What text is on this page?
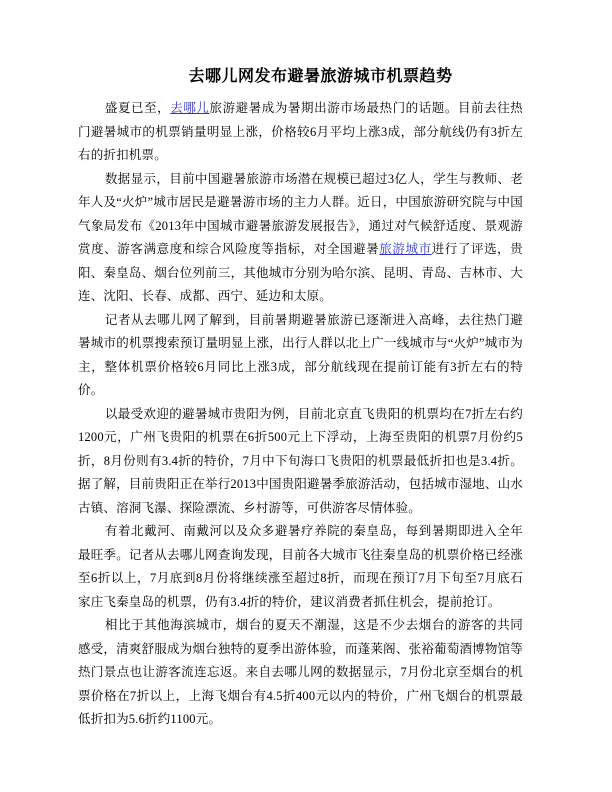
去哪儿网发布避暑旅游城市机票趋势

盛夏已至，去哪儿旅游避暑成为暑期出游市场最热门的话题。目前去往热门避暑城市的机票销量明显上涨，价格较6月平均上涨3成，部分航线仍有3折左右的折扣机票。

数据显示，目前中国避暑旅游市场潜在规模已超过3亿人，学生与教师、老年人及“火炉”城市居民是避暑游市场的主力人群。近日，中国旅游研究院与中国气象局发布《2013年中国城市避暑旅游发展报告》，通过对气候舒适度、景观游赏度、游客满意度和综合风险度等指标，对全国避暑旅游城市进行了评选，贵阳、秦皇岛、烟台位列前三，其他城市分别为哈尔滨、昆明、青岛、吉林市、大连、沈阳、长春、成都、西宁、延边和太原。

记者从去哪儿网了解到，目前暑期避暑旅游已逐渐进入高峰，去往热门避暑城市的机票搜索预订量明显上涨，出行人群以北上广一线城市与“火炉”城市为主，整体机票价格较6月同比上涨3成，部分航线现在提前订能有3折左右的特价。

以最受欢迎的避暑城市贵阳为例，目前北京直飞贵阳的机票均在7折左右约1200元，广州飞贵阳的机票在6折500元上下浮动，上海至贵阳的机票7月份约5折，8月份则有3.4折的特价，7月中下旬海口飞贵阳的机票最低折扣也是3.4折。据了解，目前贵阳正在举行2013中国贵阳避暑季旅游活动，包括城市湿地、山水古镇、溶洞飞瀑、探险漂流、乡村游等，可供游客尽情体验。

有着北戴河、南戴河以及众多避暑疗养院的秦皇岛，每到暑期即进入全年最旺季。记者从去哪儿网查询发现，目前各大城市飞往秦皇岛的机票价格已经涨至6折以上，7月底到8月份将继续涨至超过8折，而现在预订7月下旬至7月底石家庄飞秦皇岛的机票，仍有3.4折的特价，建议消费者抓住机会，提前抢订。

相比于其他海滨城市，烟台的夏天不潮湿，这是不少去烟台的游客的共同感受，清爽舒服成为烟台独特的夏季出游体验，而蓬莱阁、张裕葡萄酒博物馆等热门景点也让游客流连忘返。来自去哪儿网的数据显示，7月份北京至烟台的机票价格在7折以上，上海飞烟台有4.5折400元以内的特价，广州飞烟台的机票最低折扣为5.6折约1100元。
